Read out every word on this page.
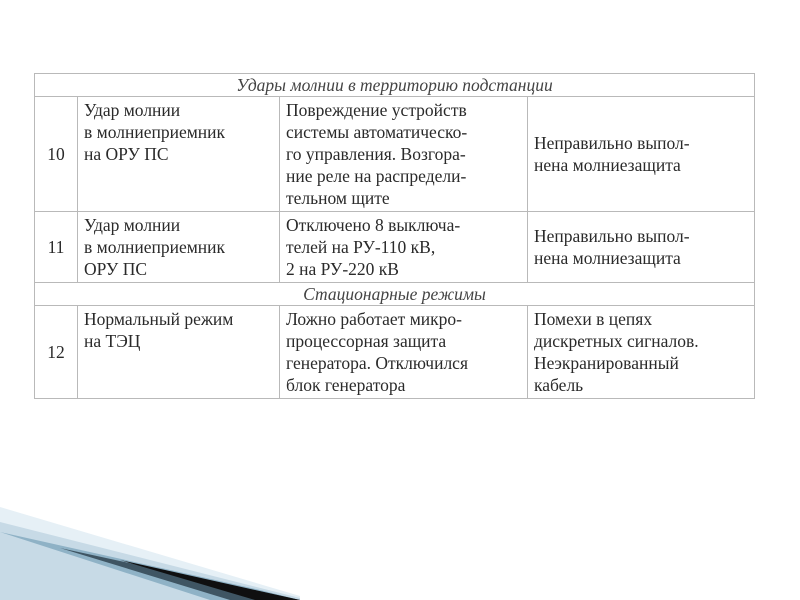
Удары молнии в территорию подстанции			
10	Удар молнии
в молниеприемник
на ОРУ ПС	Повреждение устройств
системы автоматическо-
го управления. Возгора-
ние реле на распредели-
тельном щите	Неправильно выпол-
нена молниезащита

11	Удар молнии
в молниеприемник
ОРУ ПС	Отключено 8 выключа-
телей на РУ-110 кВ,
2 на РУ-220 кВ	Неправильно выпол-
нена молниезащита

Стационарные режимы			
12	Нормальный режим
на ТЭЦ	Ложно работает микро-
процессорная защита
генератора. Отключился
блок генератора	Помехи в цепях
дискретных сигналов.
Неэкранированный
кабель
